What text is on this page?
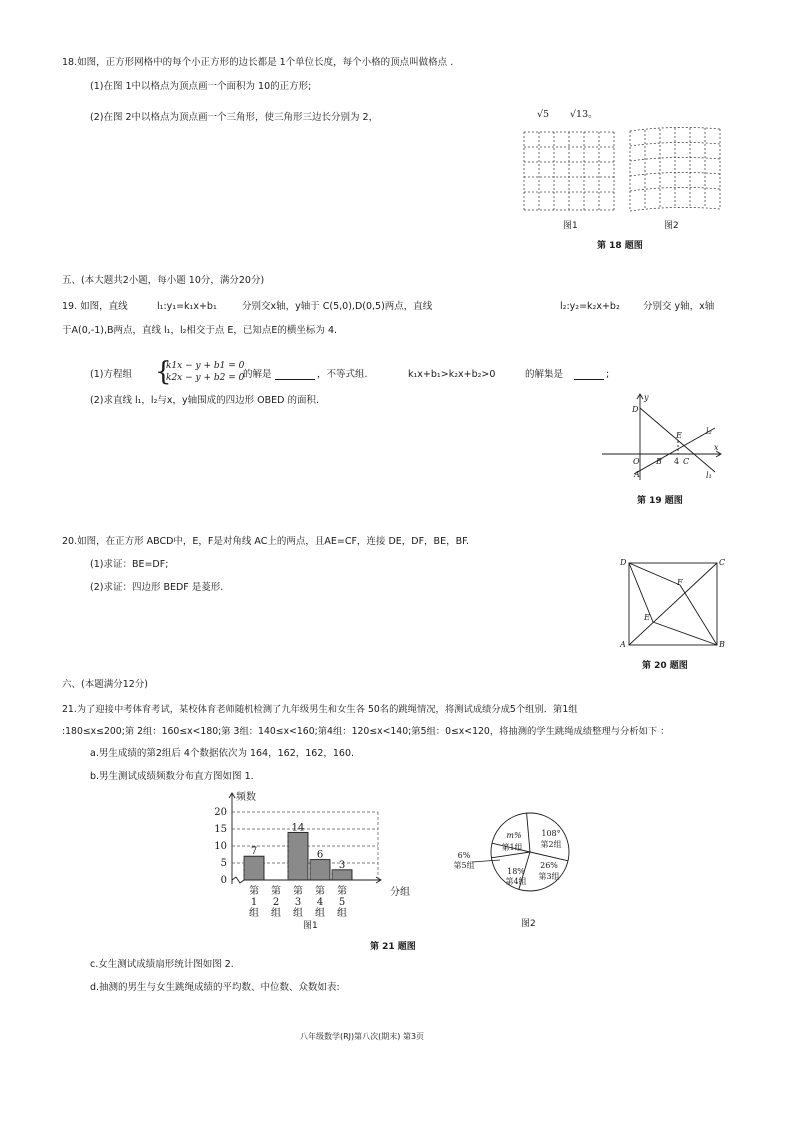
18.如图，正方形网格中的每个小正方形的边长都是 1个单位长度，每个小格的顶点叫做格点 .
(1)在图 1中以格点为顶点画一个面积为 10的正方形;
(2)在图 2中以格点为顶点画一个三角形，使三角形三边长分别为 2，	√5 √13。
图1	图2
第 18 题图
五、(本大题共2小题，每小题 10分，满分20分)
19. 如图，直线	l₁:y₁=k₁x+b₁	分别交x轴，y轴于 C(5,0),D(0,5)两点，直线	l₂:y₂=k₂x+b₂ 分别交 y轴，x轴
于A(0,-1),B两点，直线 l₁，l₂相交于点 E，已知点E的横坐标为 4.
(1)方程组 {
k1x − y + b1 = 0
k2x − y + b2 = 0
的解是	，不等式组.	k₁x+b₁>k₂x+b₂>0	的解集是	;
(2)求直线 l₁，l₂与x，y轴围成的四边形 OBED 的面积.	y
x
D
E
O B 4 C
A
l₂
l₁
第 19 题图
20.如图，在正方形 ABCD中，E，F是对角线 AC上的两点，且AE=CF，连接 DE，DF，BE，BF.
(1)求证：BE=DF;
(2)求证：四边形 BEDF 是菱形.
D	C
F
E
A	B
第 20 题图
六、(本题满分12分)
21.为了迎接中考体育考试，某校体育老师随机检测了九年级男生和女生各 50名的跳绳情况，将测试成绩分成5个组别．第1组
:180≤x≤200;第 2组：160≤x<180;第 3组：140≤x<160;第4组：120≤x<140;第5组：0≤x<120，将抽测的学生跳绳成绩整理与分析如下 ：
a.男生成绩的第2组后 4个数据依次为 164，162，162，160.
b.男生测试成绩频数分布直方图如图 1.
0
5
10
15
20
频数
分组
7
第
1
组
第
2
组
14
第
3
组
6
第
4
组
3
第
5
组
图1
m%
第1组
108°
第2组
26%
第3组
18%
第4组
6%
第5组
图2
第 21 题图
c.女生测试成绩扇形统计图如图 2.
d.抽测的男生与女生跳绳成绩的平均数、中位数、众数如表:
八年级数学(RJ)第八次(期末) 第3页
